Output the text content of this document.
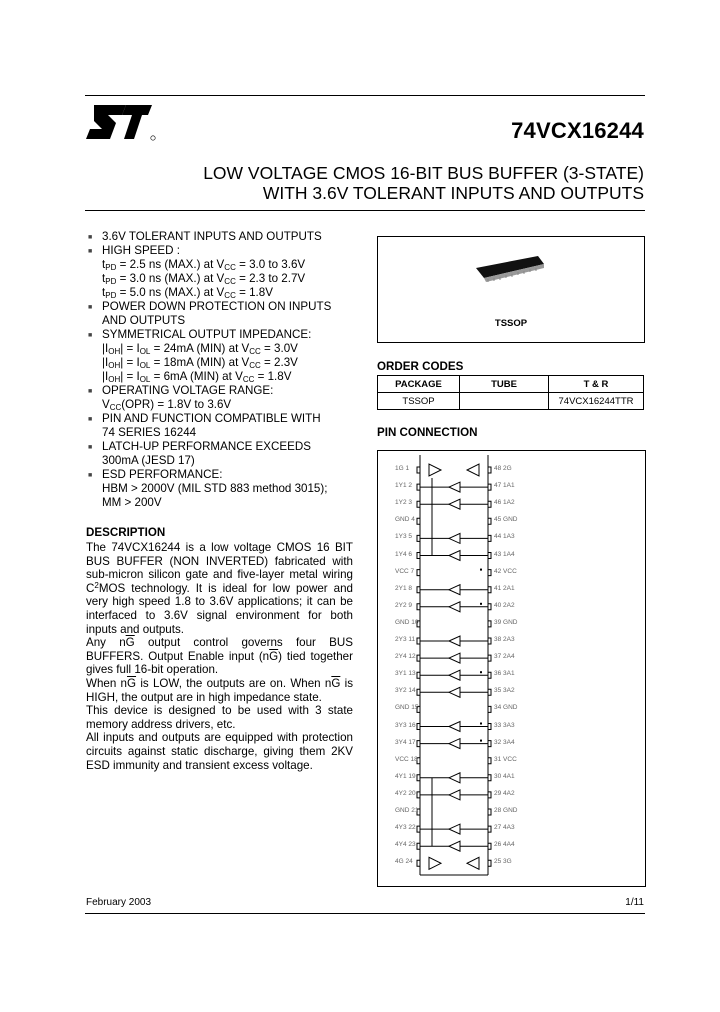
74VCX16244
LOW VOLTAGE CMOS 16-BIT BUS BUFFER (3-STATE)
WITH 3.6V TOLERANT INPUTS AND OUTPUTS
■ 3.6V TOLERANT INPUTS AND OUTPUTS
■ HIGH SPEED :
$t_{PD} = 2.5$ ns (MAX.) at $V_{CC} = 3.0$ to 3.6V
$t_{PD} = 3.0$ ns (MAX.) at $V_{CC} = 2.3$ to 2.7V
$t_{PD} = 5.0$ ns (MAX.) at $V_{CC} = 1.8V$
■ POWER DOWN PROTECTION ON INPUTS
AND OUTPUTS
■ SYMMETRICAL OUTPUT IMPEDANCE:
$|I_{OH}| = I_{OL} = 24mA$ (MIN) at $V_{CC} = 3.0V$
$|I_{OH}| = I_{OL} = 18mA$ (MIN) at $V_{CC} = 2.3V$
$|I_{OH}| = I_{OL} = 6mA$ (MIN) at $V_{CC} = 1.8V$
■ OPERATING VOLTAGE RANGE:
$V_{CC}(OPR) = 1.8V$ to 3.6V
■ PIN AND FUNCTION COMPATIBLE WITH
74 SERIES 16244
■ LATCH-UP PERFORMANCE EXCEEDS
300mA (JESD 17)
■ ESD PERFORMANCE:
HBM > 2000V (MIL STD 883 method 3015);
MM > 200V
DESCRIPTION

The 74VCX16244 is a low voltage CMOS 16 BIT BUS BUFFER (NON INVERTED) fabricated with sub-micron silicon gate and five-layer metal wiring $C^2MOS$ technology. It is ideal for low power and very high speed 1.8 to 3.6V applications; it can be interfaced to 3.6V signal environment for both inputs and outputs.

Any $n\overline{G}$ output control governs four BUS BUFFERS. Output Enable input $(n\overline{G})$ tied together gives full 16-bit operation.

When $n\overline{G}$ is LOW, the outputs are on. When $n\overline{G}$ is HIGH, the output are in high impedance state.

This device is designed to be used with 3 state memory address drivers, etc.

All inputs and outputs are equipped with protection circuits against static discharge, giving them 2KV ESD immunity and transient excess voltage.

TSSOP
ORDER CODES
PACKAGE	TUBE	T & R
TSSOP		74VCX16244TTR
PIN CONNECTION
1G 1	48 2G
1Y1 2	47 1A1
1Y2 3	46 1A2
GND 4	45 GND
1Y3 5	44 1A3
1Y4 6	43 1A4
VCC 7	42 VCC
2Y1 8	41 2A1
2Y2 9	40 2A2
GND 10	39 GND
2Y3 11	38 2A3
2Y4 12	37 2A4
3Y1 13	36 3A1
3Y2 14	35 3A2
GND 15	34 GND
3Y3 16	33 3A3
3Y4 17	32 3A4
VCC 18	31 VCC
4Y1 19	30 4A1
4Y2 20	29 4A2
GND 21	28 GND
4Y3 22	27 4A3
4Y4 23	26 4A4
4G 24	25 3G
February 2003	1/11
